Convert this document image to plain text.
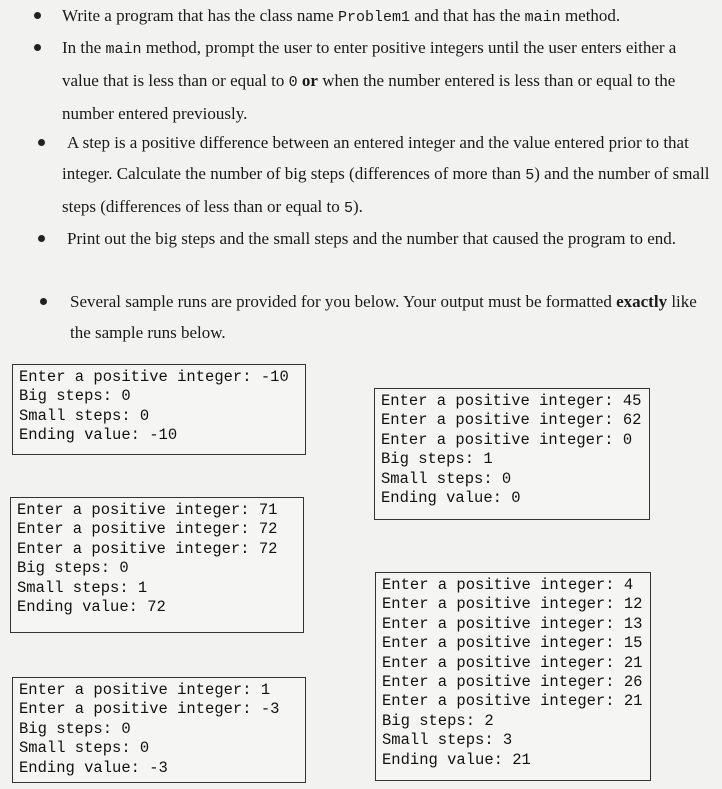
Write a program that has the class name Problem1 and that has the main method.
In the main method, prompt the user to enter positive integers until the user enters either a value that is less than or equal to 0 or when the number entered is less than or equal to the number entered previously.
A step is a positive difference between an entered integer and the value entered prior to that integer. Calculate the number of big steps (differences of more than 5) and the number of small steps (differences of less than or equal to 5).
Print out the big steps and the small steps and the number that caused the program to end.
Several sample runs are provided for you below. Your output must be formatted exactly like the sample runs below.
Enter a positive integer: -10
Big steps: 0
Small steps: 0
Ending value: -10
Enter a positive integer: 45
Enter a positive integer: 62
Enter a positive integer: 0
Big steps: 1
Small steps: 0
Ending value: 0
Enter a positive integer: 71
Enter a positive integer: 72
Enter a positive integer: 72
Big steps: 0
Small steps: 1
Ending value: 72
Enter a positive integer: 4
Enter a positive integer: 12
Enter a positive integer: 13
Enter a positive integer: 15
Enter a positive integer: 21
Enter a positive integer: 26
Enter a positive integer: 21
Big steps: 2
Small steps: 3
Ending value: 21
Enter a positive integer: 1
Enter a positive integer: -3
Big steps: 0
Small steps: 0
Ending value: -3
